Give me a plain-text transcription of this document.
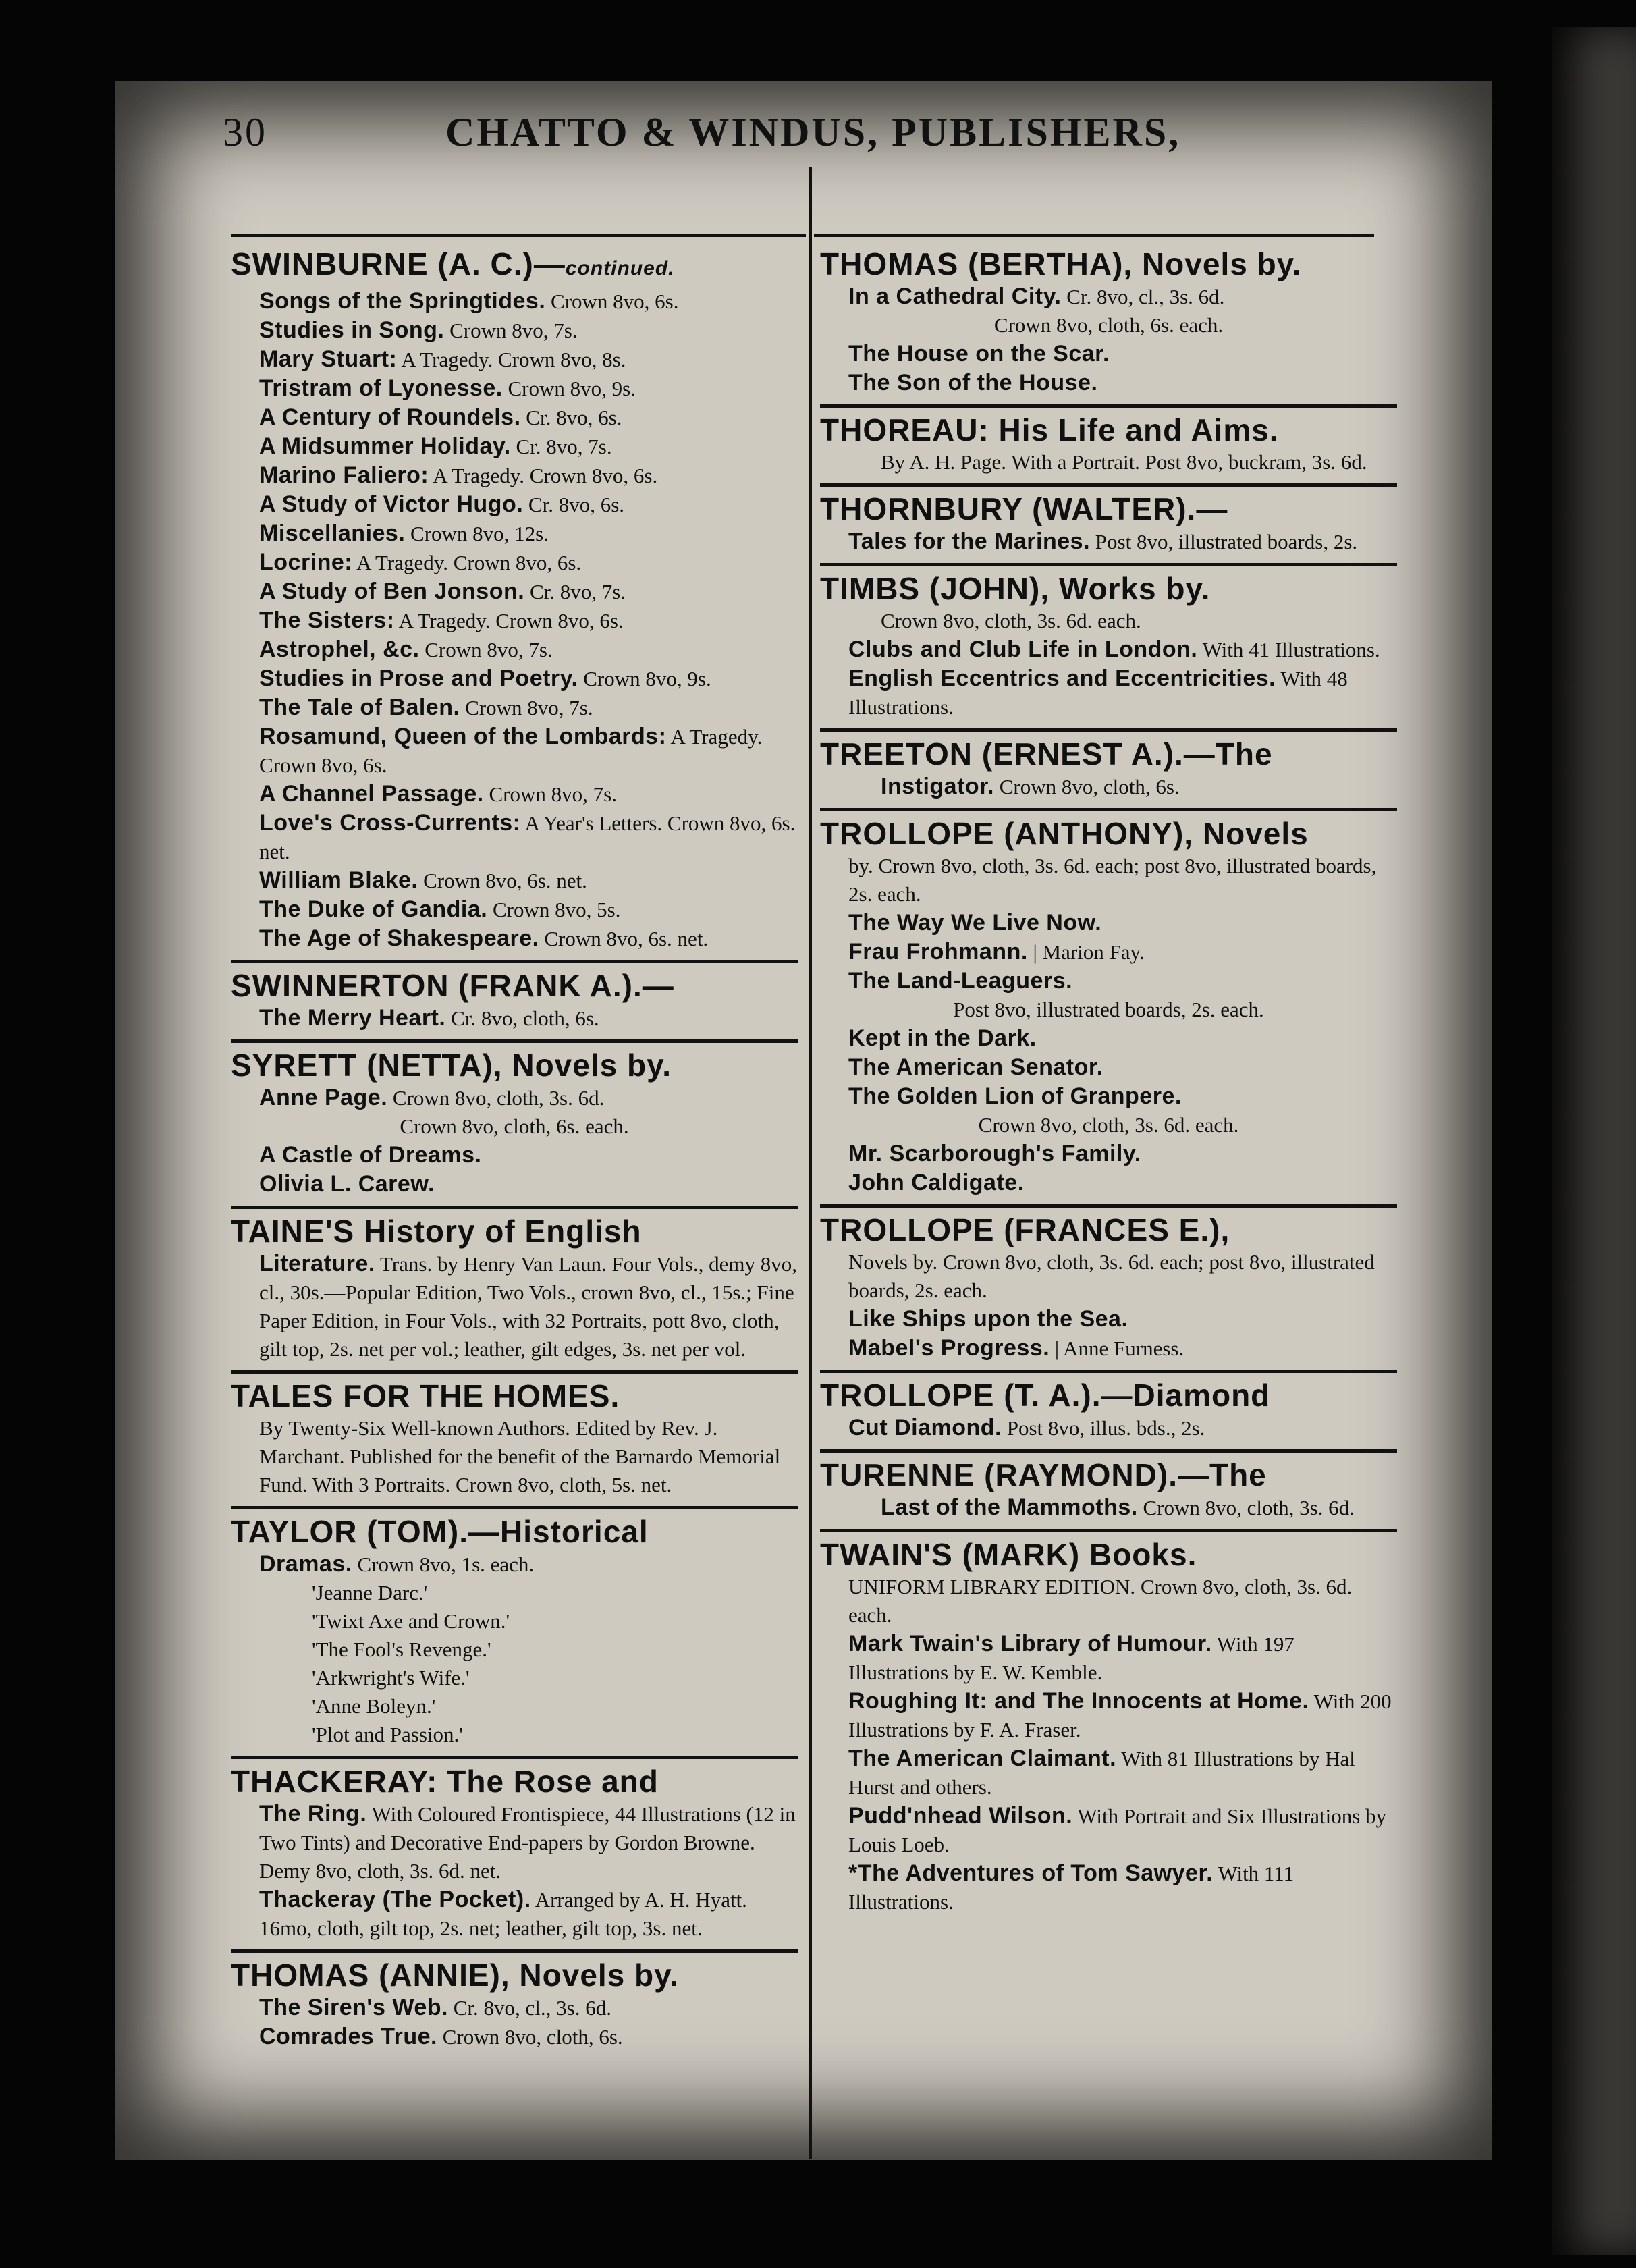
30	CHATTO & WINDUS, PUBLISHERS,

SWINBURNE (A. C.)—continued.

Songs of the Springtides. Crown 8vo, 6s.

Studies in Song. Crown 8vo, 7s.

Mary Stuart: A Tragedy. Crown 8vo, 8s.

Tristram of Lyonesse. Crown 8vo, 9s.

A Century of Roundels. Cr. 8vo, 6s.

A Midsummer Holiday. Cr. 8vo, 7s.

Marino Faliero: A Tragedy. Crown 8vo, 6s.

A Study of Victor Hugo. Cr. 8vo, 6s.

Miscellanies. Crown 8vo, 12s.

Locrine: A Tragedy. Crown 8vo, 6s.

A Study of Ben Jonson. Cr. 8vo, 7s.

The Sisters: A Tragedy. Crown 8vo, 6s.

Astrophel, &c. Crown 8vo, 7s.

Studies in Prose and Poetry. Crown 8vo, 9s.

The Tale of Balen. Crown 8vo, 7s.

Rosamund, Queen of the Lombards: A Tragedy. Crown 8vo, 6s.

A Channel Passage. Crown 8vo, 7s.

Love's Cross-Currents: A Year's Letters. Crown 8vo, 6s. net.

William Blake. Crown 8vo, 6s. net.

The Duke of Gandia. Crown 8vo, 5s.

The Age of Shakespeare. Crown 8vo, 6s. net.

SWINNERTON (FRANK A.).—

The Merry Heart. Cr. 8vo, cloth, 6s.

SYRETT (NETTA), Novels by.

Anne Page. Crown 8vo, cloth, 3s. 6d.

Crown 8vo, cloth, 6s. each.

A Castle of Dreams.

Olivia L. Carew.

TAINE'S History of English

Literature. Trans. by Henry Van Laun. Four Vols., demy 8vo, cl., 30s.—Popular Edition, Two Vols., crown 8vo, cl., 15s.; Fine Paper Edition, in Four Vols., with 32 Portraits, pott 8vo, cloth, gilt top, 2s. net per vol.; leather, gilt edges, 3s. net per vol.

TALES FOR THE HOMES.

By Twenty-Six Well-known Authors. Edited by Rev. J. Marchant. Published for the benefit of the Barnardo Memorial Fund. With 3 Portraits. Crown 8vo, cloth, 5s. net.

TAYLOR (TOM).—Historical

Dramas. Crown 8vo, 1s. each.

'Jeanne Darc.'

'Twixt Axe and Crown.'

'The Fool's Revenge.'

'Arkwright's Wife.'

'Anne Boleyn.'

'Plot and Passion.'

THACKERAY: The Rose and

The Ring. With Coloured Frontispiece, 44 Illustrations (12 in Two Tints) and Decorative End-papers by Gordon Browne. Demy 8vo, cloth, 3s. 6d. net.

Thackeray (The Pocket). Arranged by A. H. Hyatt. 16mo, cloth, gilt top, 2s. net; leather, gilt top, 3s. net.

THOMAS (ANNIE), Novels by.

The Siren's Web. Cr. 8vo, cl., 3s. 6d.

Comrades True. Crown 8vo, cloth, 6s.

THOMAS (BERTHA), Novels by.

In a Cathedral City. Cr. 8vo, cl., 3s. 6d.

Crown 8vo, cloth, 6s. each.

The House on the Scar.

The Son of the House.

THOREAU: His Life and Aims.

By A. H. Page. With a Portrait. Post 8vo, buckram, 3s. 6d.

THORNBURY (WALTER).—

Tales for the Marines. Post 8vo, illustrated boards, 2s.

TIMBS (JOHN), Works by.

Crown 8vo, cloth, 3s. 6d. each.

Clubs and Club Life in London. With 41 Illustrations.

English Eccentrics and Eccentricities. With 48 Illustrations.

TREETON (ERNEST A.).—The

Instigator. Crown 8vo, cloth, 6s.

TROLLOPE (ANTHONY), Novels

by. Crown 8vo, cloth, 3s. 6d. each; post 8vo, illustrated boards, 2s. each.

The Way We Live Now.

Frau Frohmann. | Marion Fay.

The Land-Leaguers.

Post 8vo, illustrated boards, 2s. each.

Kept in the Dark.

The American Senator.

The Golden Lion of Granpere.

Crown 8vo, cloth, 3s. 6d. each.

Mr. Scarborough's Family.

John Caldigate.

TROLLOPE (FRANCES E.),

Novels by. Crown 8vo, cloth, 3s. 6d. each; post 8vo, illustrated boards, 2s. each.

Like Ships upon the Sea.

Mabel's Progress. | Anne Furness.

TROLLOPE (T. A.).—Diamond

Cut Diamond. Post 8vo, illus. bds., 2s.

TURENNE (RAYMOND).—The

Last of the Mammoths. Crown 8vo, cloth, 3s. 6d.

TWAIN'S (MARK) Books.

UNIFORM LIBRARY EDITION. Crown 8vo, cloth, 3s. 6d. each.

Mark Twain's Library of Humour. With 197 Illustrations by E. W. Kemble.

Roughing It: and The Innocents at Home. With 200 Illustrations by F. A. Fraser.

The American Claimant. With 81 Illustrations by Hal Hurst and others.

Pudd'nhead Wilson. With Portrait and Six Illustrations by Louis Loeb.

*The Adventures of Tom Sawyer. With 111 Illustrations.
